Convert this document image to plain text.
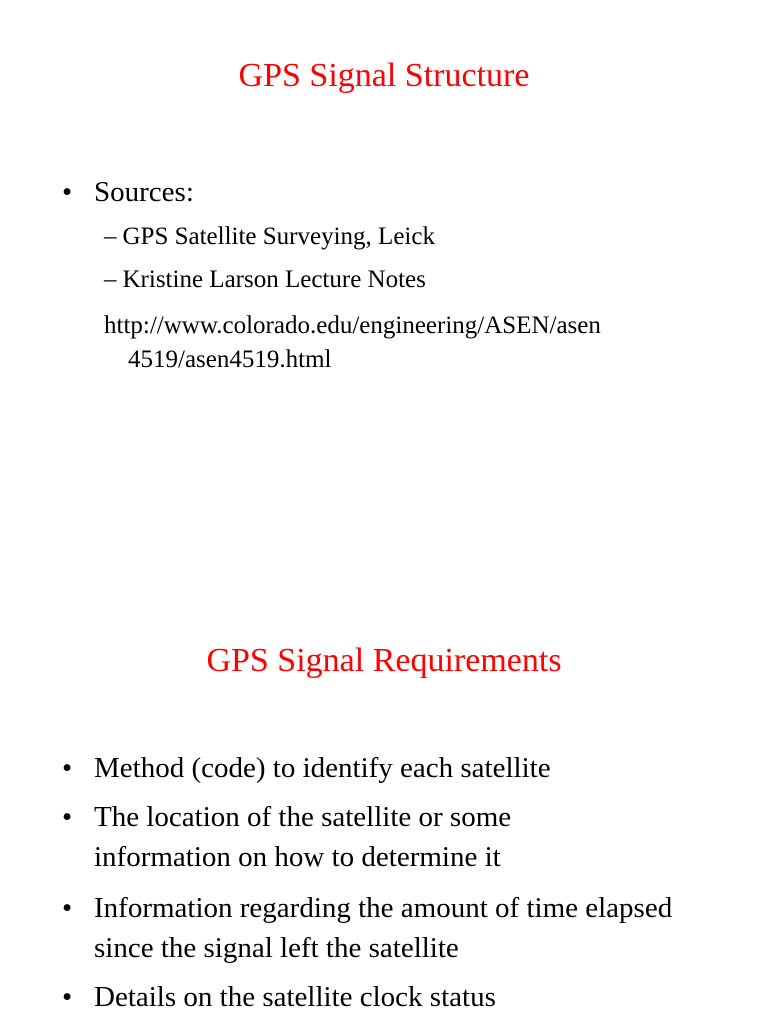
GPS Signal Structure
• Sources:
– GPS Satellite Surveying, Leick
– Kristine Larson Lecture Notes
http://www.colorado.edu/engineering/ASEN/asen
4519/asen4519.html
GPS Signal Requirements
• Method (code) to identify each satellite
• The location of the satellite or some information on how to determine it
• Information regarding the amount of time elapsed since the signal left the satellite
• Details on the satellite clock status
